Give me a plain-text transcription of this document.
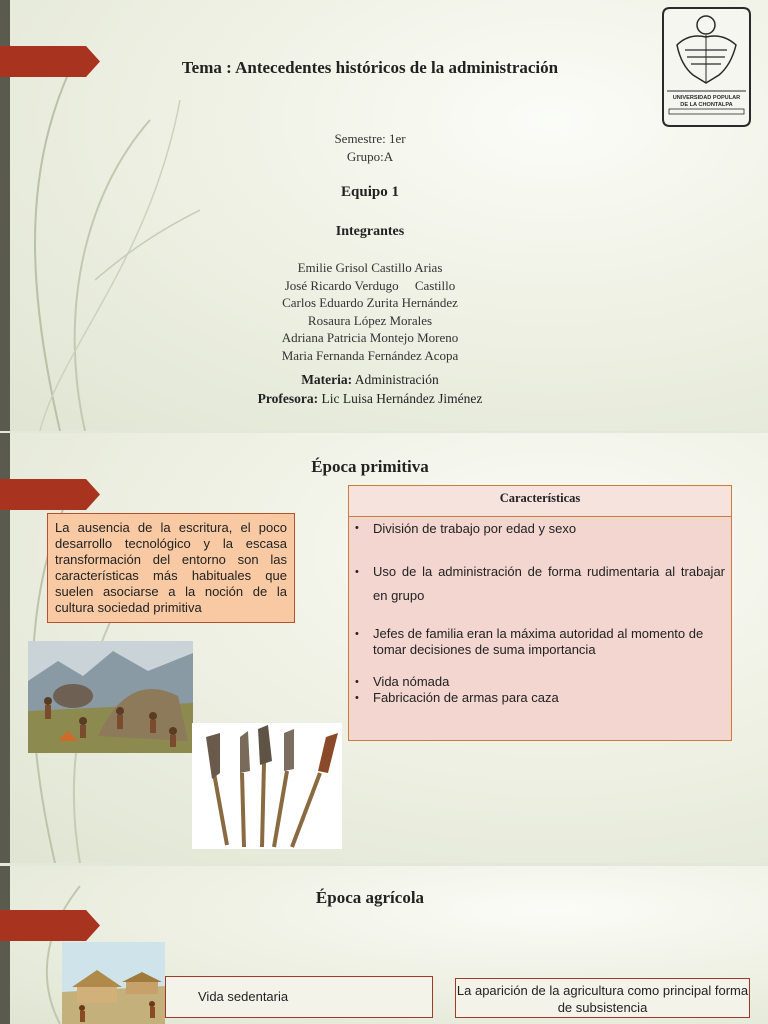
Tema : Antecedentes históricos de la administración
Semestre: 1er
Grupo:A
Equipo 1
Integrantes
Emilie Grisol Castillo Arias
José Ricardo Verdugo     Castillo
Carlos Eduardo Zurita Hernández
Rosaura López Morales
Adriana Patricia Montejo Moreno
Maria Fernanda Fernández Acopa
Materia: Administración
Profesora: Lic Luisa Hernández Jiménez
UNIVERSIDAD POPULAR
DE LA CHONTALPA
Época primitiva
La ausencia de la escritura, el poco desarrollo tecnológico y la escasa transformación del entorno son las características más habituales que suelen asociarse a la noción de la cultura sociedad primitiva
Características
• División de trabajo por edad y sexo
• Uso de la administración de forma rudimentaria al trabajar en grupo
• Jefes de familia eran la máxima autoridad al momento de tomar decisiones de suma importancia
• Vida nómada
• Fabricación de armas para caza
Época agrícola
Vida sedentaria	La aparición de la agricultura como principal forma de subsistencia
